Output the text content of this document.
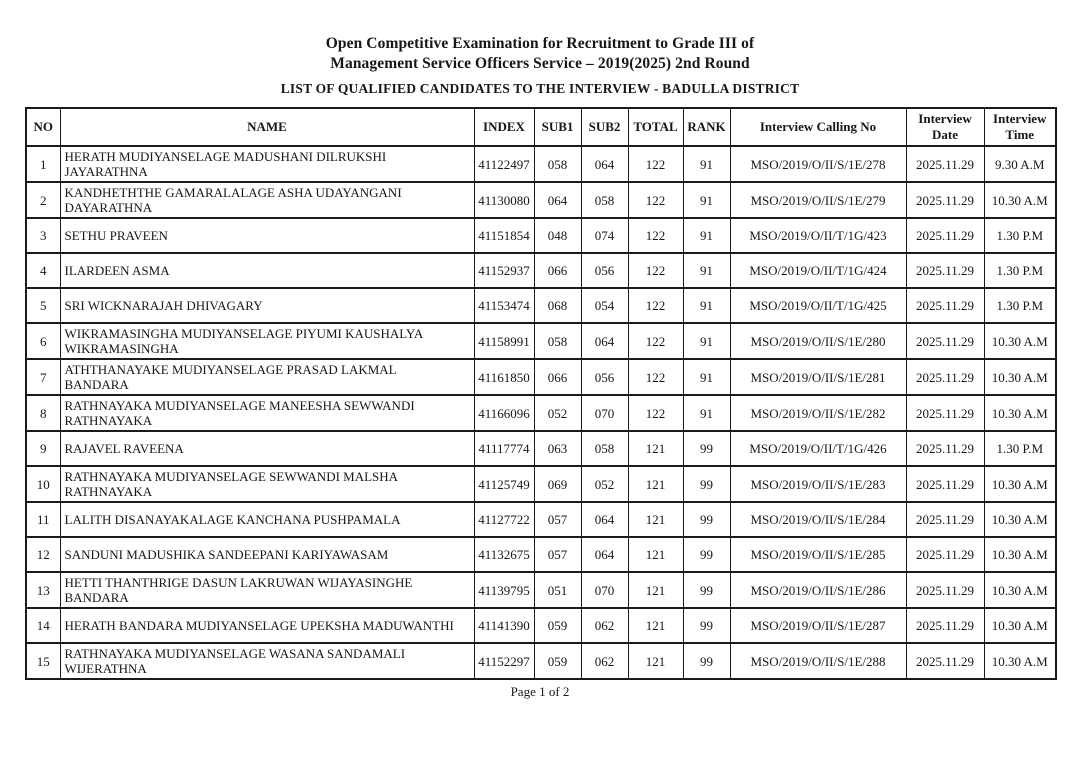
Open Competitive Examination for Recruitment to Grade III of
Management Service Officers Service – 2019(2025) 2nd Round
LIST OF QUALIFIED CANDIDATES TO THE INTERVIEW - BADULLA DISTRICT
NO	NAME	INDEX	SUB1	SUB2	TOTAL	RANK	Interview Calling No	Interview Date	Interview Time
1	HERATH MUDIYANSELAGE MADUSHANI DILRUKSHI JAYARATHNA	41122497	058	064	122	91	MSO/2019/O/II/S/1E/278	2025.11.29	9.30 A.M
2	KANDHETHTHE GAMARALALAGE ASHA UDAYANGANI DAYARATHNA	41130080	064	058	122	91	MSO/2019/O/II/S/1E/279	2025.11.29	10.30 A.M
3	SETHU PRAVEEN	41151854	048	074	122	91	MSO/2019/O/II/T/1G/423	2025.11.29	1.30 P.M
4	ILARDEEN ASMA	41152937	066	056	122	91	MSO/2019/O/II/T/1G/424	2025.11.29	1.30 P.M
5	SRI WICKNARAJAH DHIVAGARY	41153474	068	054	122	91	MSO/2019/O/II/T/1G/425	2025.11.29	1.30 P.M
6	WIKRAMASINGHA MUDIYANSELAGE PIYUMI KAUSHALYA WIKRAMASINGHA	41158991	058	064	122	91	MSO/2019/O/II/S/1E/280	2025.11.29	10.30 A.M
7	ATHTHANAYAKE MUDIYANSELAGE PRASAD LAKMAL BANDARA	41161850	066	056	122	91	MSO/2019/O/II/S/1E/281	2025.11.29	10.30 A.M
8	RATHNAYAKA MUDIYANSELAGE MANEESHA SEWWANDI RATHNAYAKA	41166096	052	070	122	91	MSO/2019/O/II/S/1E/282	2025.11.29	10.30 A.M
9	RAJAVEL RAVEENA	41117774	063	058	121	99	MSO/2019/O/II/T/1G/426	2025.11.29	1.30 P.M
10	RATHNAYAKA MUDIYANSELAGE SEWWANDI MALSHA RATHNAYAKA	41125749	069	052	121	99	MSO/2019/O/II/S/1E/283	2025.11.29	10.30 A.M
11	LALITH DISANAYAKALAGE KANCHANA PUSHPAMALA	41127722	057	064	121	99	MSO/2019/O/II/S/1E/284	2025.11.29	10.30 A.M
12	SANDUNI MADUSHIKA SANDEEPANI KARIYAWASAM	41132675	057	064	121	99	MSO/2019/O/II/S/1E/285	2025.11.29	10.30 A.M
13	HETTI THANTHRIGE DASUN LAKRUWAN WIJAYASINGHE BANDARA	41139795	051	070	121	99	MSO/2019/O/II/S/1E/286	2025.11.29	10.30 A.M
14	HERATH BANDARA MUDIYANSELAGE UPEKSHA MADUWANTHI	41141390	059	062	121	99	MSO/2019/O/II/S/1E/287	2025.11.29	10.30 A.M
15	RATHNAYAKA MUDIYANSELAGE WASANA SANDAMALI WIJERATHNA	41152297	059	062	121	99	MSO/2019/O/II/S/1E/288	2025.11.29	10.30 A.M
Page 1 of 2
